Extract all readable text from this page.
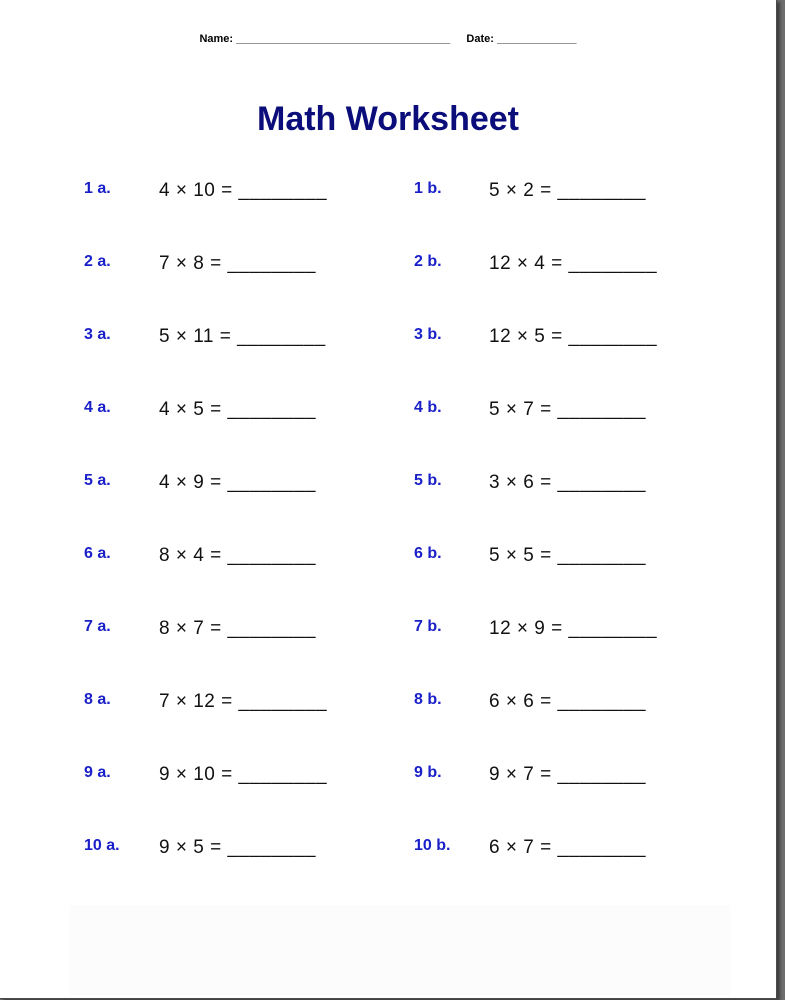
Name: ___________________________________ Date: _____________
Math Worksheet
1 a.	4 × 10 = ________	1 b.	5 × 2 = ________
2 a.	7 × 8 = ________	2 b.	12 × 4 = ________
3 a.	5 × 11 = ________	3 b.	12 × 5 = ________
4 a.	4 × 5 = ________	4 b.	5 × 7 = ________
5 a.	4 × 9 = ________	5 b.	3 × 6 = ________
6 a.	8 × 4 = ________	6 b.	5 × 5 = ________
7 a.	8 × 7 = ________	7 b.	12 × 9 = ________
8 a.	7 × 12 = ________	8 b.	6 × 6 = ________
9 a.	9 × 10 = ________	9 b.	9 × 7 = ________
10 a.	9 × 5 = ________	10 b.	6 × 7 = ________
